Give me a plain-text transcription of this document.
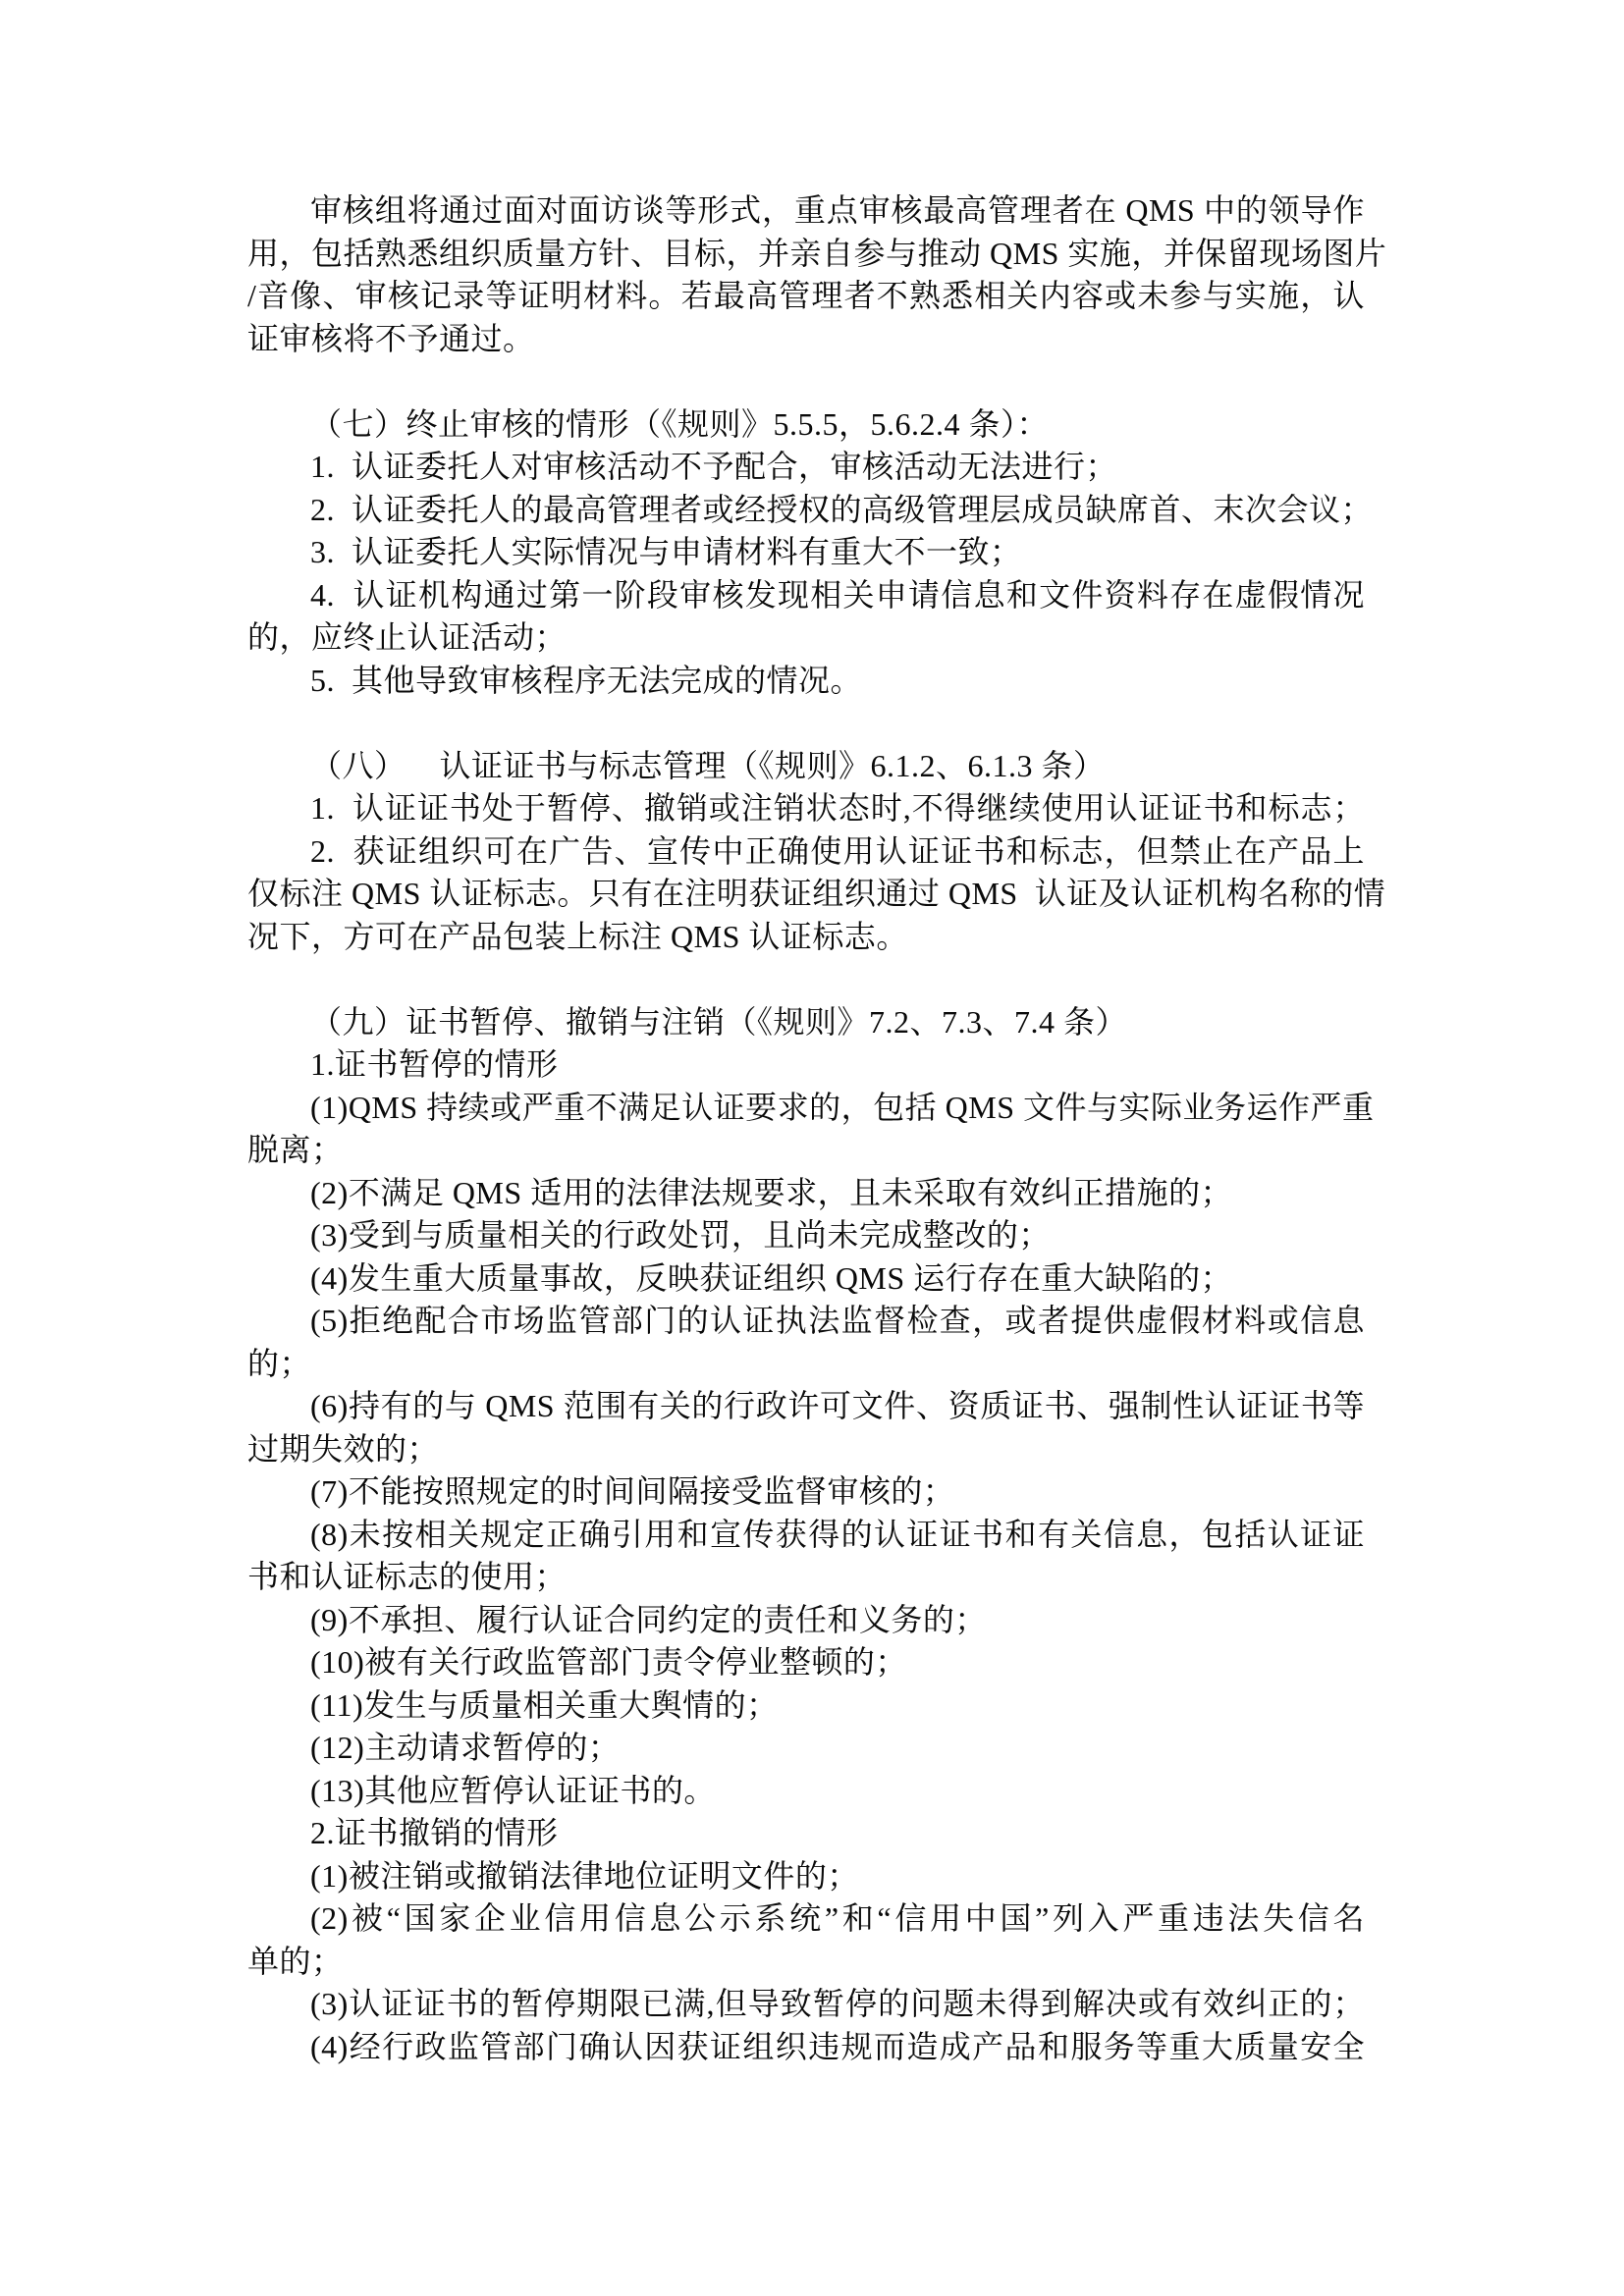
审核组将通过面对面访谈等形式，重点审核最高管理者在 QMS 中的领导作
用，包括熟悉组织质量方针、目标，并亲自参与推动 QMS 实施，并保留现场图片
/音像、审核记录等证明材料。若最高管理者不熟悉相关内容或未参与实施，认
证审核将不予通过。
（七）终止审核的情形（《规则》5.5.5，5.6.2.4 条）：
1.  认证委托人对审核活动不予配合，审核活动无法进行；
2.  认证委托人的最高管理者或经授权的高级管理层成员缺席首、末次会议；
3.  认证委托人实际情况与申请材料有重大不一致；
4.  认证机构通过第一阶段审核发现相关申请信息和文件资料存在虚假情况
的，应终止认证活动；
5.  其他导致审核程序无法完成的情况。
（八）    认证证书与标志管理（《规则》6.1.2、6.1.3 条）
1.  认证证书处于暂停、撤销或注销状态时,不得继续使用认证证书和标志；
2.  获证组织可在广告、宣传中正确使用认证证书和标志，但禁止在产品上
仅标注 QMS 认证标志。只有在注明获证组织通过 QMS  认证及认证机构名称的情
况下，方可在产品包装上标注 QMS 认证标志。
（九）证书暂停、撤销与注销（《规则》7.2、7.3、7.4 条）
1.证书暂停的情形
(1)QMS 持续或严重不满足认证要求的，包括 QMS 文件与实际业务运作严重
脱离；
(2)不满足 QMS 适用的法律法规要求，且未采取有效纠正措施的；
(3)受到与质量相关的行政处罚，且尚未完成整改的；
(4)发生重大质量事故，反映获证组织 QMS 运行存在重大缺陷的；
(5)拒绝配合市场监管部门的认证执法监督检查，或者提供虚假材料或信息
的；
(6)持有的与 QMS 范围有关的行政许可文件、资质证书、强制性认证证书等
过期失效的；
(7)不能按照规定的时间间隔接受监督审核的；
(8)未按相关规定正确引用和宣传获得的认证证书和有关信息，包括认证证
书和认证标志的使用；
(9)不承担、履行认证合同约定的责任和义务的；
(10)被有关行政监管部门责令停业整顿的；
(11)发生与质量相关重大舆情的；
(12)主动请求暂停的；
(13)其他应暂停认证证书的。
2.证书撤销的情形
(1)被注销或撤销法律地位证明文件的；
(2)被“国家企业信用信息公示系统”和“信用中国”列入严重违法失信名
单的；
(3)认证证书的暂停期限已满,但导致暂停的问题未得到解决或有效纠正的；
(4)经行政监管部门确认因获证组织违规而造成产品和服务等重大质量安全
